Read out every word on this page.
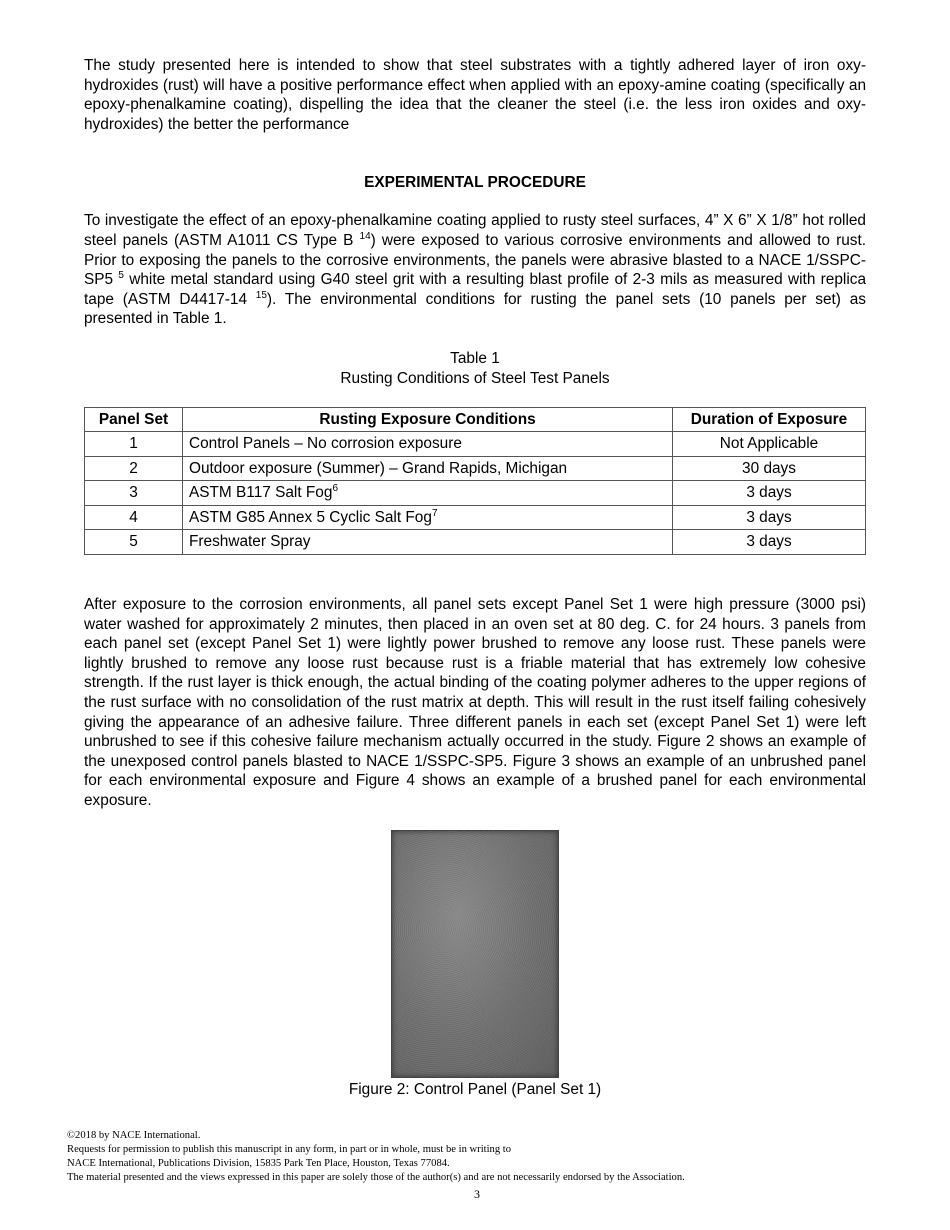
The study presented here is intended to show that steel substrates with a tightly adhered layer of iron oxy-hydroxides (rust) will have a positive performance effect when applied with an epoxy-amine coating (specifically an epoxy-phenalkamine coating), dispelling the idea that the cleaner the steel (i.e. the less iron oxides and oxy-hydroxides) the better the performance

EXPERIMENTAL PROCEDURE

To investigate the effect of an epoxy-phenalkamine coating applied to rusty steel surfaces, 4” X 6” X 1/8” hot rolled steel panels (ASTM A1011 CS Type B $^{14}$) were exposed to various corrosive environments and allowed to rust. Prior to exposing the panels to the corrosive environments, the panels were abrasive blasted to a NACE 1/SSPC-SP5 $^5$ white metal standard using G40 steel grit with a resulting blast profile of 2-3 mils as measured with replica tape (ASTM D4417-14 $^{15}$). The environmental conditions for rusting the panel sets (10 panels per set) as presented in Table 1.

Table 1
Rusting Conditions of Steel Test Panels
Panel Set	Rusting Exposure Conditions	Duration of Exposure
1	Control Panels – No corrosion exposure	Not Applicable
2	Outdoor exposure (Summer) – Grand Rapids, Michigan	30 days
3	ASTM B117 Salt Fog$^6$	3 days
4	ASTM G85 Annex 5 Cyclic Salt Fog$^7$	3 days
5	Freshwater Spray	3 days

After exposure to the corrosion environments, all panel sets except Panel Set 1 were high pressure (3000 psi) water washed for approximately 2 minutes, then placed in an oven set at 80 deg. C. for 24 hours. 3 panels from each panel set (except Panel Set 1) were lightly power brushed to remove any loose rust. These panels were lightly brushed to remove any loose rust because rust is a friable material that has extremely low cohesive strength. If the rust layer is thick enough, the actual binding of the coating polymer adheres to the upper regions of the rust surface with no consolidation of the rust matrix at depth. This will result in the rust itself failing cohesively giving the appearance of an adhesive failure. Three different panels in each set (except Panel Set 1) were left unbrushed to see if this cohesive failure mechanism actually occurred in the study. Figure 2 shows an example of the unexposed control panels blasted to NACE 1/SSPC-SP5. Figure 3 shows an example of an unbrushed panel for each environmental exposure and Figure 4 shows an example of a brushed panel for each environmental exposure.

Figure 2: Control Panel (Panel Set 1)
©2018 by NACE International.
Requests for permission to publish this manuscript in any form, in part or in whole, must be in writing to
NACE International, Publications Division, 15835 Park Ten Place, Houston, Texas 77084.
The material presented and the views expressed in this paper are solely those of the author(s) and are not necessarily endorsed by the Association.
3
